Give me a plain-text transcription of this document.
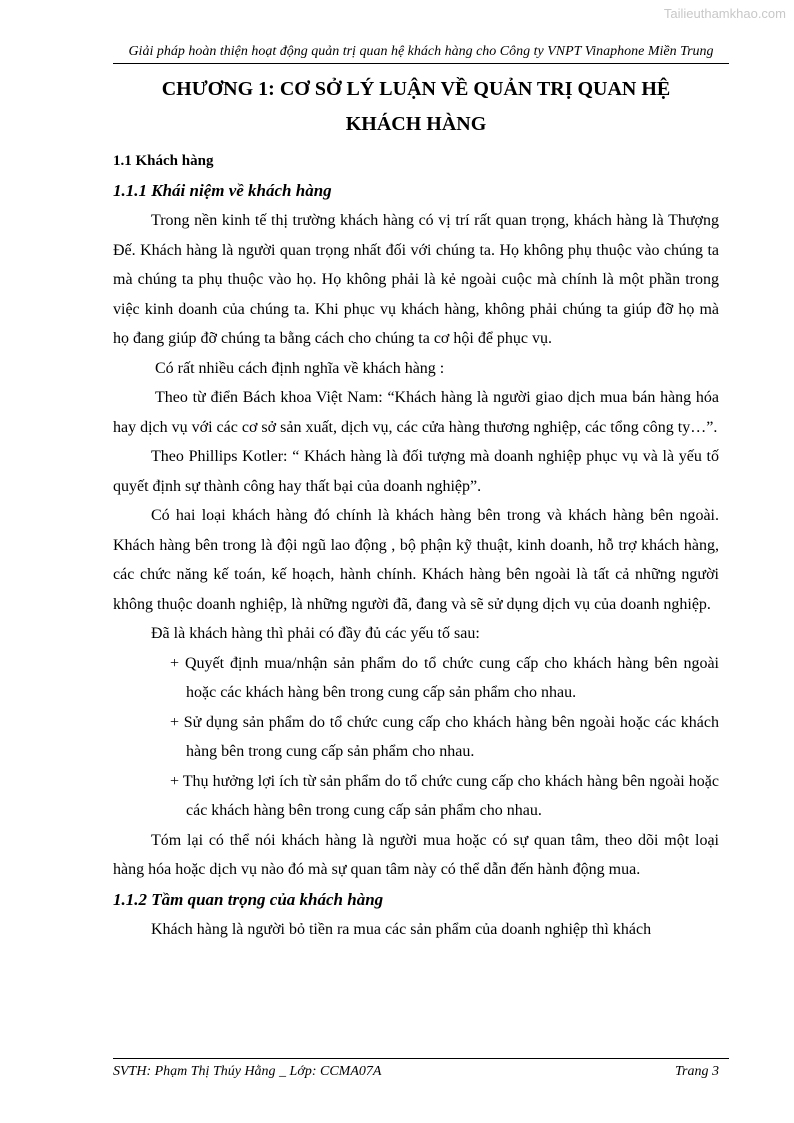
Tailieuthamkhao.com
Giải pháp hoàn thiện hoạt động quản trị quan hệ khách hàng cho Công ty VNPT Vinaphone Miền Trung

CHƯƠNG 1: CƠ SỞ LÝ LUẬN VỀ QUẢN TRỊ QUAN HỆ

KHÁCH HÀNG

1.1 Khách hàng

1.1.1 Khái niệm về khách hàng

Trong nền kinh tế thị trường khách hàng có vị trí rất quan trọng, khách hàng là Thượng Đế. Khách hàng là người quan trọng nhất đối với chúng ta. Họ không phụ thuộc vào chúng ta mà chúng ta phụ thuộc vào họ. Họ không phải là kẻ ngoài cuộc mà chính là một phần trong việc kinh doanh của chúng ta. Khi phục vụ khách hàng, không phải chúng ta giúp đỡ họ mà họ đang giúp đỡ chúng ta bằng cách cho chúng ta cơ hội để phục vụ.

Có rất nhiều cách định nghĩa về khách hàng :

Theo từ điển Bách khoa Việt Nam: “Khách hàng là người giao dịch mua bán hàng hóa hay dịch vụ với các cơ sở sản xuất, dịch vụ, các cửa hàng thương nghiệp, các tổng công ty…”.

Theo Phillips Kotler: “ Khách hàng là đối tượng mà doanh nghiệp phục vụ và là yếu tố quyết định sự thành công hay thất bại của doanh nghiệp”.

Có hai loại khách hàng đó chính là khách hàng bên trong và khách hàng bên ngoài. Khách hàng bên trong là đội ngũ lao động , bộ phận kỹ thuật, kinh doanh, hỗ trợ khách hàng, các chức năng kế toán, kế hoạch, hành chính. Khách hàng bên ngoài là tất cả những người không thuộc doanh nghiệp, là những người đã, đang và sẽ sử dụng dịch vụ của doanh nghiệp.

Đã là khách hàng thì phải có đầy đủ các yếu tố sau:

+ Quyết định mua/nhận sản phẩm do tổ chức cung cấp cho khách hàng bên ngoài hoặc các khách hàng bên trong cung cấp sản phẩm cho nhau.

+ Sử dụng sản phẩm do tổ chức cung cấp cho khách hàng bên ngoài hoặc các khách hàng bên trong cung cấp sản phẩm cho nhau.

+ Thụ hưởng lợi ích từ sản phẩm do tổ chức cung cấp cho khách hàng bên ngoài hoặc các khách hàng bên trong cung cấp sản phẩm cho nhau.

Tóm lại có thể nói khách hàng là người mua hoặc có sự quan tâm, theo dõi một loại hàng hóa hoặc dịch vụ nào đó mà sự quan tâm này có thể dẫn đến hành động mua.

1.1.2 Tầm quan trọng của khách hàng

Khách hàng là người bỏ tiền ra mua các sản phẩm của doanh nghiệp thì khách

SVTH: Phạm Thị Thúy Hằng _ Lớp: CCMA07A	Trang 3
